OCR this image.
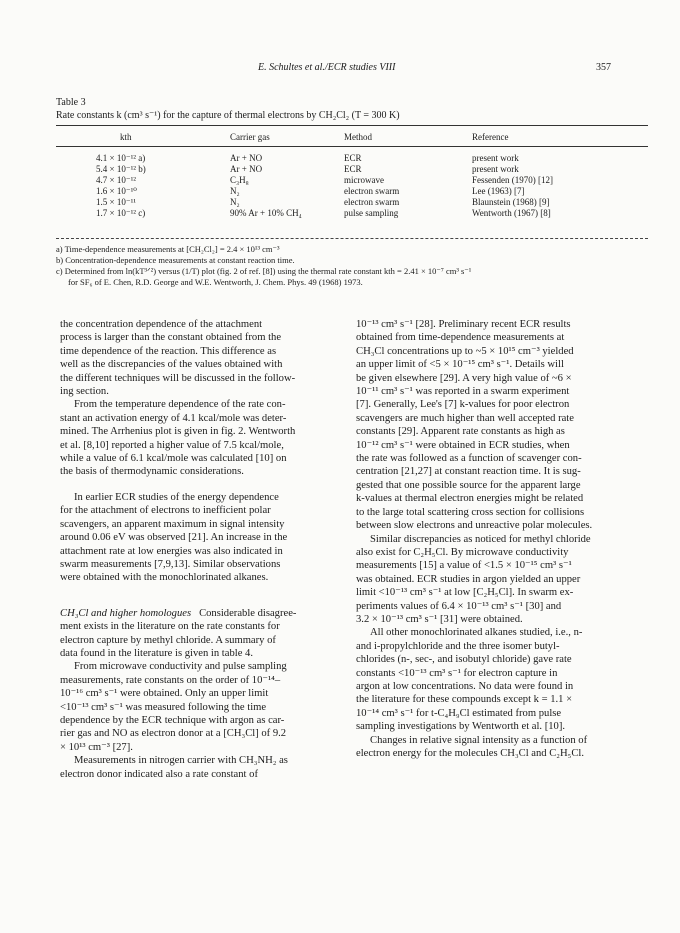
E. Schultes et al./ECR studies VIII	357
Table 3
Rate constants k (cm³ s⁻¹) for the capture of thermal electrons by CH₂Cl₂ (T = 300 K)
kth	Carrier gas	Method	Reference
4.1 × 10⁻¹² a)	Ar + NO	ECR	present work
5.4 × 10⁻¹² b)	Ar + NO	ECR	present work
4.7 × 10⁻¹²	C₃H₈	microwave	Fessenden (1970) [12]
1.6 × 10⁻¹⁰	N₂	electron swarm	Lee (1963) [7]
1.5 × 10⁻¹¹	N₂	electron swarm	Blaunstein (1968) [9]
1.7 × 10⁻¹² c)	90% Ar + 10% CH₄	pulse sampling	Wentworth (1967) [8]

a) Time-dependence measurements at [CH₂Cl₂] = 2.4 × 10¹³ cm⁻³

b) Concentration-dependence measurements at constant reaction time.

c) Determined from ln(kT³ᐟ²) versus (1/T) plot (fig. 2 of ref. [8]) using the thermal rate constant kth = 2.41 × 10⁻⁷ cm³ s⁻¹

for SF₆ of E. Chen, R.D. George and W.E. Wentworth, J. Chem. Phys. 49 (1968) 1973.

the concentration dependence of the attachment
process is larger than the constant obtained from the
time dependence of the reaction. This difference as
well as the discrepancies of the values obtained with
the different techniques will be discussed in the follow-
ing section.

From the temperature dependence of the rate con-
stant an activation energy of 4.1 kcal/mole was deter-
mined. The Arrhenius plot is given in fig. 2. Wentworth
et al. [8,10] reported a higher value of 7.5 kcal/mole,
while a value of 6.1 kcal/mole was calculated [10] on
the basis of thermodynamic considerations.

In earlier ECR studies of the energy dependence
for the attachment of electrons to inefficient polar
scavengers, an apparent maximum in signal intensity
around 0.06 eV was observed [21]. An increase in the
attachment rate at low energies was also indicated in
swarm measurements [7,9,13]. Similar observations
were obtained with the monochlorinated alkanes.

CH₃Cl and higher homologues Considerable disagree-
ment exists in the literature on the rate constants for
electron capture by methyl chloride. A summary of
data found in the literature is given in table 4.

From microwave conductivity and pulse sampling
measurements, rate constants on the order of 10⁻¹⁴–
10⁻¹⁶ cm³ s⁻¹ were obtained. Only an upper limit
<10⁻¹³ cm³ s⁻¹ was measured following the time
dependence by the ECR technique with argon as car-
rier gas and NO as electron donor at a [CH₃Cl] of 9.2
× 10¹³ cm⁻³ [27].

Measurements in nitrogen carrier with CH₃NH₂ as
electron donor indicated also a rate constant of

10⁻¹³ cm³ s⁻¹ [28]. Preliminary recent ECR results
obtained from time-dependence measurements at
CH₃Cl concentrations up to ~5 × 10¹⁵ cm⁻³ yielded
an upper limit of <5 × 10⁻¹⁵ cm³ s⁻¹. Details will
be given elsewhere [29]. A very high value of ~6 ×
10⁻¹¹ cm³ s⁻¹ was reported in a swarm experiment
[7]. Generally, Lee's [7] k-values for poor electron
scavengers are much higher than well accepted rate
constants [29]. Apparent rate constants as high as
10⁻¹² cm³ s⁻¹ were obtained in ECR studies, when
the rate was followed as a function of scavenger con-
centration [21,27] at constant reaction time. It is sug-
gested that one possible source for the apparent large
k-values at thermal electron energies might be related
to the large total scattering cross section for collisions
between slow electrons and unreactive polar molecules.

Similar discrepancies as noticed for methyl chloride
also exist for C₂H₅Cl. By microwave conductivity
measurements [15] a value of <1.5 × 10⁻¹⁵ cm³ s⁻¹
was obtained. ECR studies in argon yielded an upper
limit <10⁻¹³ cm³ s⁻¹ at low [C₂H₅Cl]. In swarm ex-
periments values of 6.4 × 10⁻¹³ cm³ s⁻¹ [30] and
3.2 × 10⁻¹³ cm³ s⁻¹ [31] were obtained.

All other monochlorinated alkanes studied, i.e., n-
and i-propylchloride and the three isomer butyl-
chlorides (n-, sec-, and isobutyl chloride) gave rate
constants <10⁻¹³ cm³ s⁻¹ for electron capture in
argon at low concentrations. No data were found in
the literature for these compounds except k = 1.1 ×
10⁻¹⁴ cm³ s⁻¹ for t-C₄H₉Cl estimated from pulse
sampling investigations by Wentworth et al. [10].

Changes in relative signal intensity as a function of
electron energy for the molecules CH₃Cl and C₂H₅Cl.
